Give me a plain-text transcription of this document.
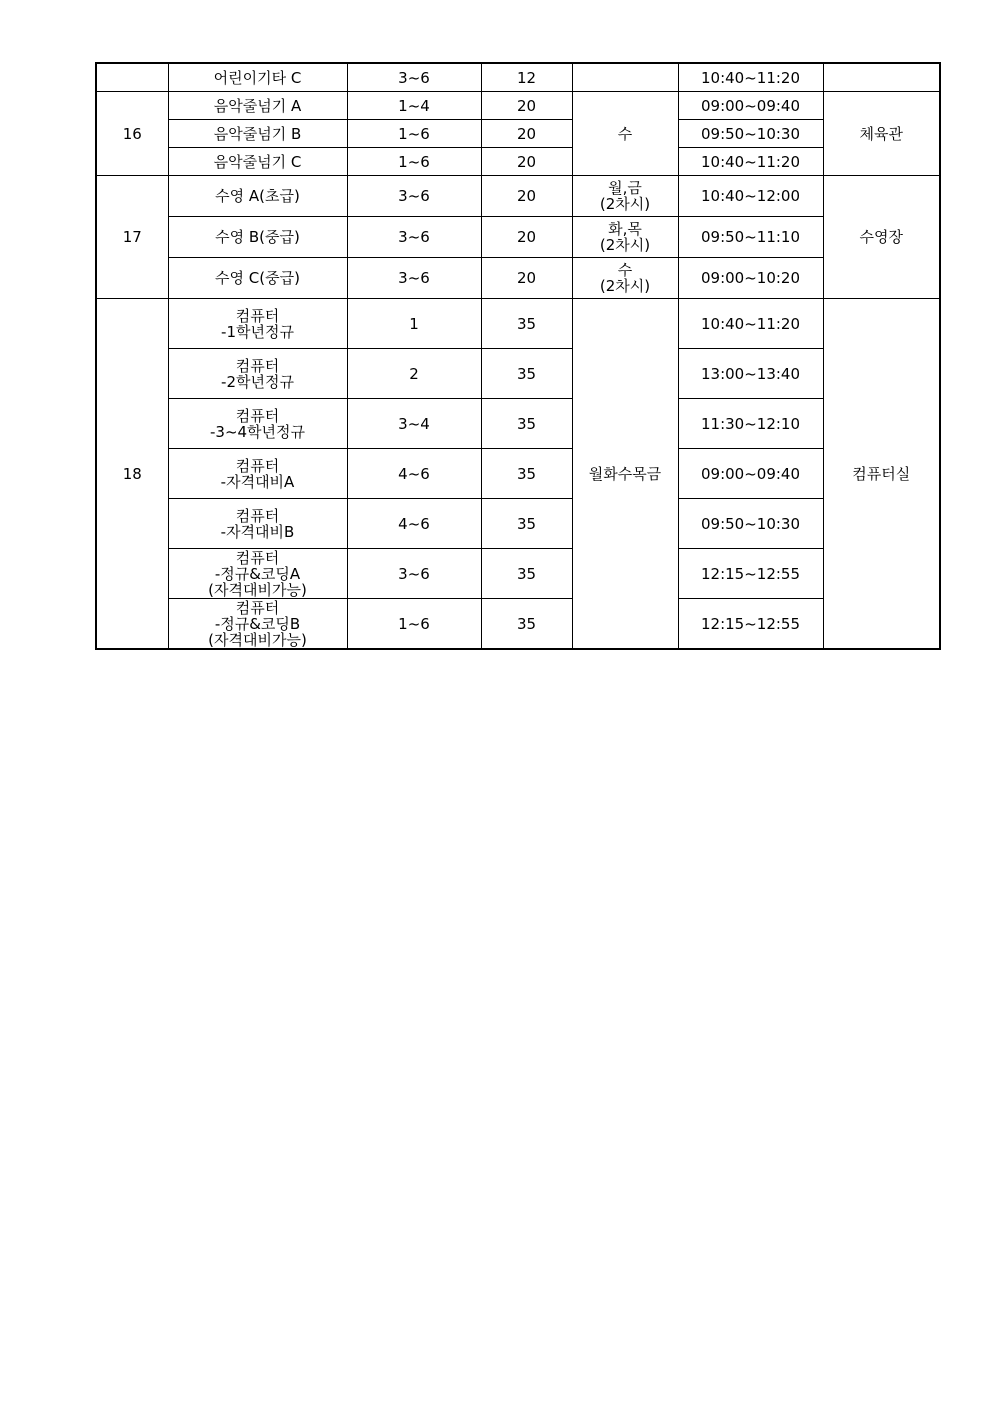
	어린이기타 C	3~6	12		10:40~11:20	
16	음악줄넘기 A	1~4	20	수	09:00~09:40	체육관
	음악줄넘기 B	1~6	20		09:50~10:30	
	음악줄넘기 C	1~6	20		10:40~11:20	
17	수영 A(초급)	3~6	20	월,금
(2차시)	10:40~12:00	수영장
	수영 B(중급)	3~6	20	화,목
(2차시)	09:50~11:10	
	수영 C(중급)	3~6	20	수
(2차시)	09:00~10:20	
18	컴퓨터
-1학년정규	1	35	월화수목금	10:40~11:20	컴퓨터실

	컴퓨터
-2학년정규	2	35		13:00~13:40	

	컴퓨터
-3~4학년정규	3~4	35		11:30~12:10	

	컴퓨터
-자격대비A	4~6	35		09:00~09:40	

	컴퓨터
-자격대비B	4~6	35		09:50~10:30	

	컴퓨터
-정규&코딩A
(자격대비가능)	3~6	35		12:15~12:55	

	컴퓨터
-정규&코딩B
(자격대비가능)	1~6	35		12:15~12:55	
